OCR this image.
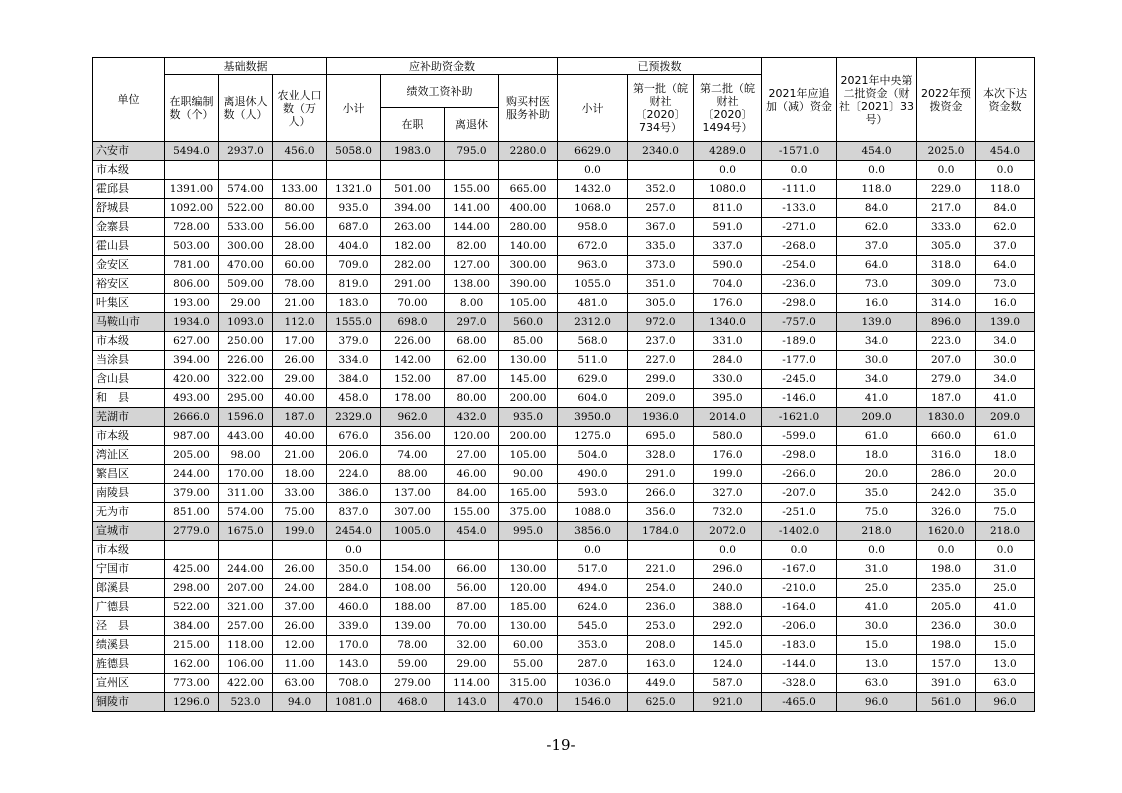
单位	基础数据			应补助资金数				已预拨数			2021年应追加（减）资金	2021年中央第二批资金（财社〔2021〕33号）	2022年预拨资金	本次下达资金数
	在职编制数（个）	离退休人数（人）	农业人口数（万人）	小计	绩效工资补助		购买村医服务补助	小计	第一批（皖财社〔2020〕734号）	第二批（皖财社〔2020〕1494号）				
					在职	离退休								
六安市	5494.0	2937.0	456.0	5058.0	1983.0	795.0	2280.0	6629.0	2340.0	4289.0	-1571.0	454.0	2025.0	454.0
市本级								0.0		0.0	0.0	0.0	0.0	0.0
霍邱县	1391.00	574.00	133.00	1321.0	501.00	155.00	665.00	1432.0	352.0	1080.0	-111.0	118.0	229.0	118.0
舒城县	1092.00	522.00	80.00	935.0	394.00	141.00	400.00	1068.0	257.0	811.0	-133.0	84.0	217.0	84.0
金寨县	728.00	533.00	56.00	687.0	263.00	144.00	280.00	958.0	367.0	591.0	-271.0	62.0	333.0	62.0
霍山县	503.00	300.00	28.00	404.0	182.00	82.00	140.00	672.0	335.0	337.0	-268.0	37.0	305.0	37.0
金安区	781.00	470.00	60.00	709.0	282.00	127.00	300.00	963.0	373.0	590.0	-254.0	64.0	318.0	64.0
裕安区	806.00	509.00	78.00	819.0	291.00	138.00	390.00	1055.0	351.0	704.0	-236.0	73.0	309.0	73.0
叶集区	193.00	29.00	21.00	183.0	70.00	8.00	105.00	481.0	305.0	176.0	-298.0	16.0	314.0	16.0
马鞍山市	1934.0	1093.0	112.0	1555.0	698.0	297.0	560.0	2312.0	972.0	1340.0	-757.0	139.0	896.0	139.0
市本级	627.00	250.00	17.00	379.0	226.00	68.00	85.00	568.0	237.0	331.0	-189.0	34.0	223.0	34.0
当涂县	394.00	226.00	26.00	334.0	142.00	62.00	130.00	511.0	227.0	284.0	-177.0	30.0	207.0	30.0
含山县	420.00	322.00	29.00	384.0	152.00	87.00	145.00	629.0	299.0	330.0	-245.0	34.0	279.0	34.0
和　县	493.00	295.00	40.00	458.0	178.00	80.00	200.00	604.0	209.0	395.0	-146.0	41.0	187.0	41.0
芜湖市	2666.0	1596.0	187.0	2329.0	962.0	432.0	935.0	3950.0	1936.0	2014.0	-1621.0	209.0	1830.0	209.0
市本级	987.00	443.00	40.00	676.0	356.00	120.00	200.00	1275.0	695.0	580.0	-599.0	61.0	660.0	61.0
湾沚区	205.00	98.00	21.00	206.0	74.00	27.00	105.00	504.0	328.0	176.0	-298.0	18.0	316.0	18.0
繁昌区	244.00	170.00	18.00	224.0	88.00	46.00	90.00	490.0	291.0	199.0	-266.0	20.0	286.0	20.0
南陵县	379.00	311.00	33.00	386.0	137.00	84.00	165.00	593.0	266.0	327.0	-207.0	35.0	242.0	35.0
无为市	851.00	574.00	75.00	837.0	307.00	155.00	375.00	1088.0	356.0	732.0	-251.0	75.0	326.0	75.0
宣城市	2779.0	1675.0	199.0	2454.0	1005.0	454.0	995.0	3856.0	1784.0	2072.0	-1402.0	218.0	1620.0	218.0
市本级				0.0				0.0		0.0	0.0	0.0	0.0	0.0
宁国市	425.00	244.00	26.00	350.0	154.00	66.00	130.00	517.0	221.0	296.0	-167.0	31.0	198.0	31.0
郎溪县	298.00	207.00	24.00	284.0	108.00	56.00	120.00	494.0	254.0	240.0	-210.0	25.0	235.0	25.0
广德县	522.00	321.00	37.00	460.0	188.00	87.00	185.00	624.0	236.0	388.0	-164.0	41.0	205.0	41.0
泾　县	384.00	257.00	26.00	339.0	139.00	70.00	130.00	545.0	253.0	292.0	-206.0	30.0	236.0	30.0
绩溪县	215.00	118.00	12.00	170.0	78.00	32.00	60.00	353.0	208.0	145.0	-183.0	15.0	198.0	15.0
旌德县	162.00	106.00	11.00	143.0	59.00	29.00	55.00	287.0	163.0	124.0	-144.0	13.0	157.0	13.0
宣州区	773.00	422.00	63.00	708.0	279.00	114.00	315.00	1036.0	449.0	587.0	-328.0	63.0	391.0	63.0
铜陵市	1296.0	523.0	94.0	1081.0	468.0	143.0	470.0	1546.0	625.0	921.0	-465.0	96.0	561.0	96.0
-19-
